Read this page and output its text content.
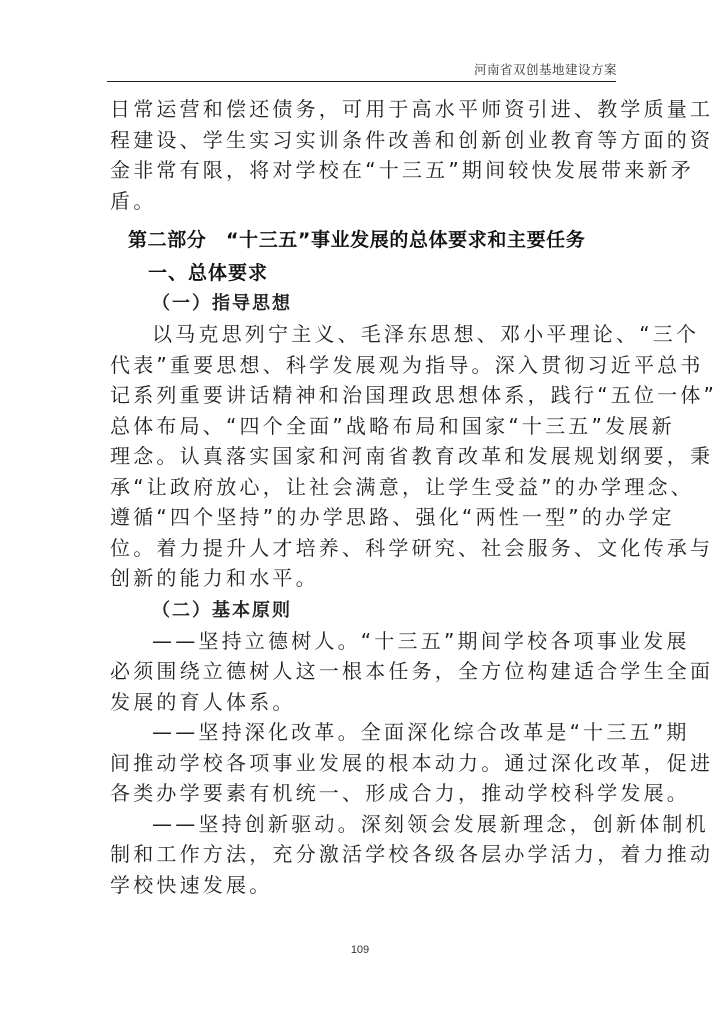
河南省双创基地建设方案
日常运营和偿还债务，可用于高水平师资引进、教学质量工
程建设、学生实习实训条件改善和创新创业教育等方面的资
金非常有限，将对学校在“十三五”期间较快发展带来新矛
盾。
第二部分　“十三五”事业发展的总体要求和主要任务
一、总体要求
（一）指导思想
以马克思列宁主义、毛泽东思想、邓小平理论、“三个
代表”重要思想、科学发展观为指导。深入贯彻习近平总书
记系列重要讲话精神和治国理政思想体系，践行“五位一体”
总体布局、“四个全面”战略布局和国家“十三五”发展新
理念。认真落实国家和河南省教育改革和发展规划纲要，秉
承“让政府放心，让社会满意，让学生受益”的办学理念、
遵循“四个坚持”的办学思路、强化“两性一型”的办学定
位。着力提升人才培养、科学研究、社会服务、文化传承与
创新的能力和水平。
（二）基本原则
——坚持立德树人。“十三五”期间学校各项事业发展
必须围绕立德树人这一根本任务，全方位构建适合学生全面
发展的育人体系。
——坚持深化改革。全面深化综合改革是“十三五”期
间推动学校各项事业发展的根本动力。通过深化改革，促进
各类办学要素有机统一、形成合力，推动学校科学发展。
——坚持创新驱动。深刻领会发展新理念，创新体制机
制和工作方法，充分激活学校各级各层办学活力，着力推动
学校快速发展。
109
